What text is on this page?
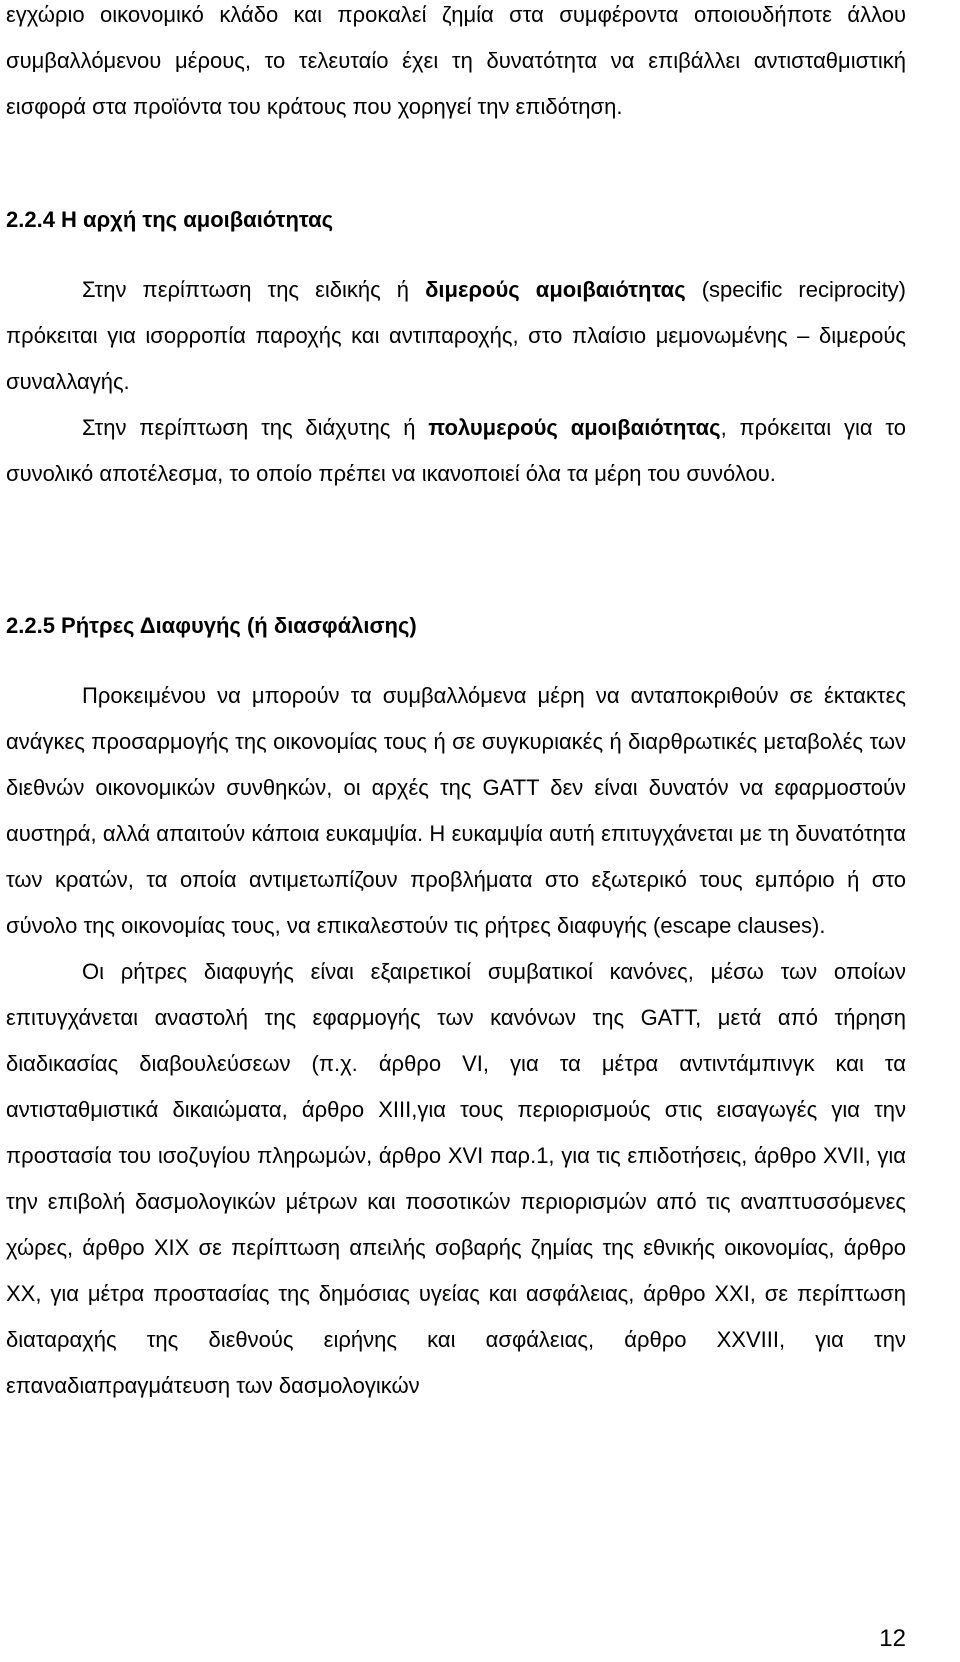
εγχώριο οικονομικό κλάδο και προκαλεί ζημία στα συμφέροντα οποιουδήποτε άλλου συμβαλλόμενου μέρους, το τελευταίο έχει τη δυνατότητα να επιβάλλει αντισταθμιστική εισφορά στα προϊόντα του κράτους που χορηγεί την επιδότηση.

2.2.4 Η αρχή της αμοιβαιότητας

Στην περίπτωση της ειδικής ή διμερούς αμοιβαιότητας (specific reciprocity) πρόκειται για ισορροπία παροχής και αντιπαροχής, στο πλαίσιο μεμονωμένης – διμερούς συναλλαγής.

Στην περίπτωση της διάχυτης ή πολυμερούς αμοιβαιότητας, πρόκειται για το συνολικό αποτέλεσμα, το οποίο πρέπει να ικανοποιεί όλα τα μέρη του συνόλου.

2.2.5 Ρήτρες Διαφυγής (ή διασφάλισης)

Προκειμένου να μπορούν τα συμβαλλόμενα μέρη να ανταποκριθούν σε έκτακτες ανάγκες προσαρμογής της οικονομίας τους ή σε συγκυριακές ή διαρθρωτικές μεταβολές των διεθνών οικονομικών συνθηκών, οι αρχές της GATT δεν είναι δυνατόν να εφαρμοστούν αυστηρά, αλλά απαιτούν κάποια ευκαμψία. Η ευκαμψία αυτή επιτυγχάνεται με τη δυνατότητα των κρατών, τα οποία αντιμετωπίζουν προβλήματα στο εξωτερικό τους εμπόριο ή στο σύνολο της οικονομίας τους, να επικαλεστούν τις ρήτρες διαφυγής (escape clauses).

Οι ρήτρες διαφυγής είναι εξαιρετικοί συμβατικοί κανόνες, μέσω των οποίων επιτυγχάνεται αναστολή της εφαρμογής των κανόνων της GATT, μετά από τήρηση διαδικασίας διαβουλεύσεων (π.χ. άρθρο VI, για τα μέτρα αντιντάμπινγκ και τα αντισταθμιστικά δικαιώματα, άρθρο XIII,για τους περιορισμούς στις εισαγωγές για την προστασία του ισοζυγίου πληρωμών, άρθρο XVI παρ.1, για τις επιδοτήσεις, άρθρο XVII, για την επιβολή δασμολογικών μέτρων και ποσοτικών περιορισμών από τις αναπτυσσόμενες χώρες, άρθρο XIX σε περίπτωση απειλής σοβαρής ζημίας της εθνικής οικονομίας, άρθρο XX, για μέτρα προστασίας της δημόσιας υγείας και ασφάλειας, άρθρο XXI, σε περίπτωση διαταραχής της διεθνούς ειρήνης και ασφάλειας, άρθρο XXVIII, για την επαναδιαπραγμάτευση των δασμολογικών

12
